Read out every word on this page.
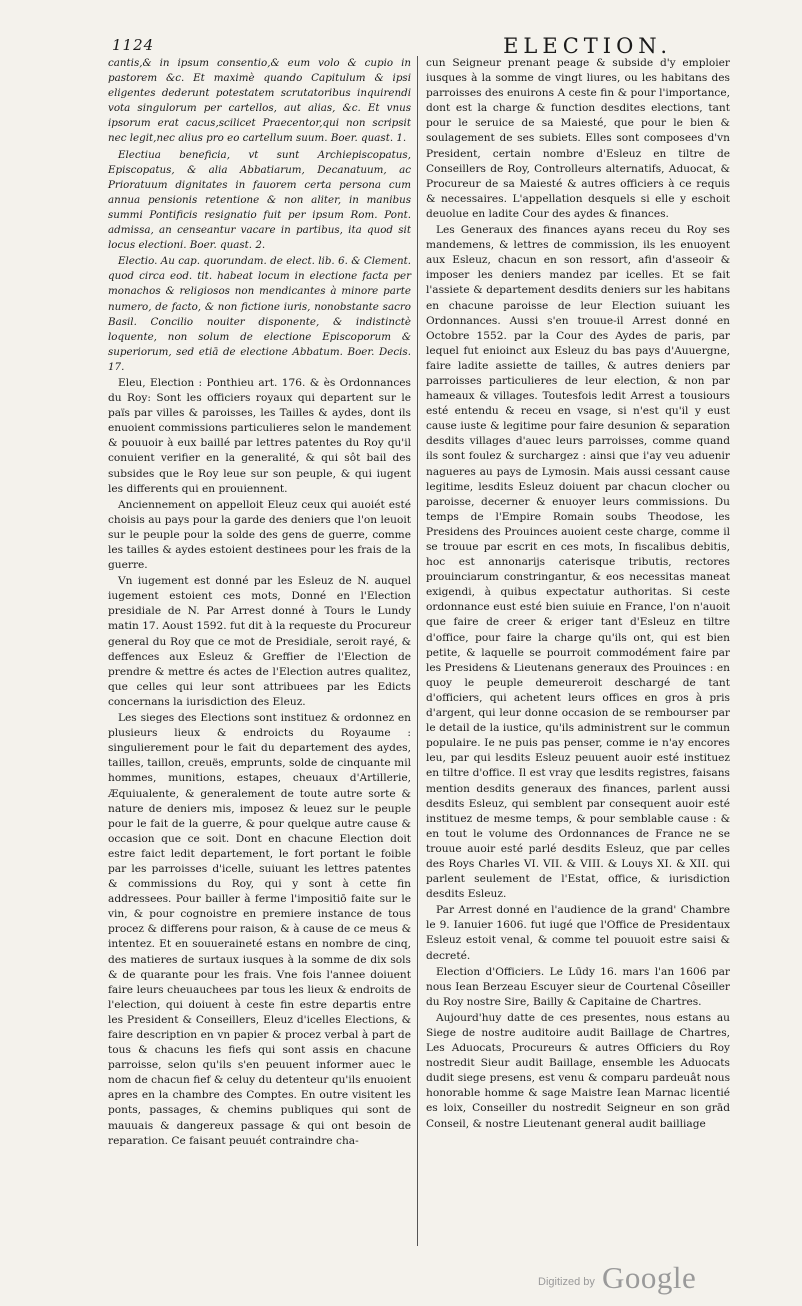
1124	ELECTION.

cantis,& in ipsum consentio,& eum volo & cupio in pastorem &c. Et maximè quando Capitulum & ipsi eligentes dederunt potestatem scrutatoribus inquirendi vota singulorum per cartellos, aut alias, &c. Et vnus ipsorum erat cacus,scilicet Praecentor,qui non scripsit nec legit,nec alius pro eo cartellum suum. Boer. quast. 1.

Electiua beneficia, vt sunt Archiepiscopatus, Episcopatus, & alia Abbatiarum, Decanatuum, ac Prioratuum dignitates in fauorem certa persona cum annua pensionis retentione & non aliter, in manibus summi Pontificis resignatio fuit per ipsum Rom. Pont. admissa, an censeantur vacare in partibus, ita quod sit locus electioni. Boer. quast. 2.

Electio. Au cap. quorundam. de elect. lib. 6. & Clement. quod circa eod. tit. habeat locum in electione facta per monachos & religiosos non mendicantes à minore parte numero, de facto, & non fictione iuris, nonobstante sacro Basil. Concilio nouiter disponente, & indistinctè loquente, non solum de electione Episcoporum & superiorum, sed etiā de electione Abbatum. Boer. Decis. 17.

Eleu, Election : Ponthieu art. 176. & ès Ordonnances du Roy: Sont les officiers royaux qui departent sur le païs par villes & paroisses, les Tailles & aydes, dont ils enuoient commissions particulieres selon le mandement & pouuoir à eux baillé par lettres patentes du Roy qu'il conuient verifier en la generalité, & qui sôt bail des subsides que le Roy leue sur son peuple, & qui iugent les differents qui en prouiennent.

Anciennement on appelloit Eleuz ceux qui auoiét esté choisis au pays pour la garde des deniers que l'on leuoit sur le peuple pour la solde des gens de guerre, comme les tailles & aydes estoient destinees pour les frais de la guerre.

Vn iugement est donné par les Esleuz de N. auquel iugement estoient ces mots, Donné en l'Election presidiale de N. Par Arrest donné à Tours le Lundy matin 17. Aoust 1592. fut dit à la requeste du Procureur general du Roy que ce mot de Presidiale, seroit rayé, & deffences aux Esleuz & Greffier de l'Election de prendre & mettre és actes de l'Election autres qualitez, que celles qui leur sont attribuees par les Edicts concernans la iurisdiction des Eleuz.

Les sieges des Elections sont instituez & ordonnez en plusieurs lieux & endroicts du Royaume : singulierement pour le fait du departement des aydes, tailles, taillon, creuës, emprunts, solde de cinquante mil hommes, munitions, estapes, cheuaux d'Artillerie, Æquiualente, & generalement de toute autre sorte & nature de deniers mis, imposez & leuez sur le peuple pour le fait de la guerre, & pour quelque autre cause & occasion que ce soit. Dont en chacune Election doit estre faict ledit departement, le fort portant le foible par les parroisses d'icelle, suiuant les lettres patentes & commissions du Roy, qui y sont à cette fin addressees. Pour bailler à ferme l'impositiō faite sur le vin, & pour cognoistre en premiere instance de tous procez & differens pour raison, & à cause de ce meus & intentez. Et en souueraineté estans en nombre de cinq, des matieres de surtaux iusques à la somme de dix sols & de quarante pour les frais. Vne fois l'annee doiuent faire leurs cheuauchees par tous les lieux & endroits de l'election, qui doiuent à ceste fin estre departis entre les President & Conseillers, Eleuz d'icelles Elections, & faire description en vn papier & procez verbal à part de tous & chacuns les fiefs qui sont assis en chacune parroisse, selon qu'ils s'en peuuent informer auec le nom de chacun fief & celuy du detenteur qu'ils enuoient apres en la chambre des Comptes. En outre visitent les ponts, passages, & chemins publiques qui sont de mauuais & dangereux passage & qui ont besoin de reparation. Ce faisant peuuét contraindre cha-

cun Seigneur prenant peage & subside d'y emploier iusques à la somme de vingt liures, ou les habitans des parroisses des enuirons A ceste fin & pour l'importance, dont est la charge & function desdites elections, tant pour le seruice de sa Maiesté, que pour le bien & soulagement de ses subiets. Elles sont composees d'vn President, certain nombre d'Esleuz en tiltre de Conseillers de Roy, Controlleurs alternatifs, Aduocat, & Procureur de sa Maiesté & autres officiers à ce requis & necessaires. L'appellation desquels si elle y eschoit deuolue en ladite Cour des aydes & finances.

Les Generaux des finances ayans receu du Roy ses mandemens, & lettres de commission, ils les enuoyent aux Esleuz, chacun en son ressort, afin d'asseoir & imposer les deniers mandez par icelles. Et se fait l'assiete & departement desdits deniers sur les habitans en chacune paroisse de leur Election suiuant les Ordonnances. Aussi s'en trouue-il Arrest donné en Octobre 1552. par la Cour des Aydes de paris, par lequel fut enioinct aux Esleuz du bas pays d'Auuergne, faire ladite assiette de tailles, & autres deniers par parroisses particulieres de leur election, & non par hameaux & villages. Toutesfois ledit Arrest a tousiours esté entendu & receu en vsage, si n'est qu'il y eust cause iuste & legitime pour faire desunion & separation desdits villages d'auec leurs parroisses, comme quand ils sont foulez & surchargez : ainsi que i'ay veu aduenir nagueres au pays de Lymosin. Mais aussi cessant cause legitime, lesdits Esleuz doiuent par chacun clocher ou paroisse, decerner & enuoyer leurs commissions. Du temps de l'Empire Romain soubs Theodose, les Presidens des Prouinces auoient ceste charge, comme il se trouue par escrit en ces mots, In fiscalibus debitis, hoc est annonarijs caterisque tributis, rectores prouinciarum constringantur, & eos necessitas maneat exigendi, à quibus expectatur authoritas. Si ceste ordonnance eust esté bien suiuie en France, l'on n'auoit que faire de creer & eriger tant d'Esleuz en tiltre d'office, pour faire la charge qu'ils ont, qui est bien petite, & laquelle se pourroit commodément faire par les Presidens & Lieutenans generaux des Prouinces : en quoy le peuple demeureroit deschargé de tant d'officiers, qui achetent leurs offices en gros à pris d'argent, qui leur donne occasion de se rembourser par le detail de la iustice, qu'ils administrent sur le commun populaire. Ie ne puis pas penser, comme ie n'ay encores leu, par qui lesdits Esleuz peuuent auoir esté instituez en tiltre d'office. Il est vray que lesdits registres, faisans mention desdits generaux des finances, parlent aussi desdits Esleuz, qui semblent par consequent auoir esté instituez de mesme temps, & pour semblable cause : & en tout le volume des Ordonnances de France ne se trouue auoir esté parlé desdits Esleuz, que par celles des Roys Charles VI. VII. & VIII. & Louys XI. & XII. qui parlent seulement de l'Estat, office, & iurisdiction desdits Esleuz.

Par Arrest donné en l'audience de la grand' Chambre le 9. Ianuier 1606. fut iugé que l'Office de Presidentaux Esleuz estoit venal, & comme tel pouuoit estre saisi & decreté.

Election d'Officiers. Le Lūdy 16. mars l'an 1606 par nous Iean Berzeau Escuyer sieur de Courtenal Côseiller du Roy nostre Sire, Bailly & Capitaine de Chartres.

Aujourd'huy datte de ces presentes, nous estans au Siege de nostre auditoire audit Baillage de Chartres, Les Aduocats, Procureurs & autres Officiers du Roy nostredit Sieur audit Baillage, ensemble les Aduocats dudit siege presens, est venu & comparu pardeuât nous honorable homme & sage Maistre Iean Marnac licentié es loix, Conseiller du nostredit Seigneur en son grād Conseil, & nostre Lieutenant general audit bailliage

Digitized by Google
